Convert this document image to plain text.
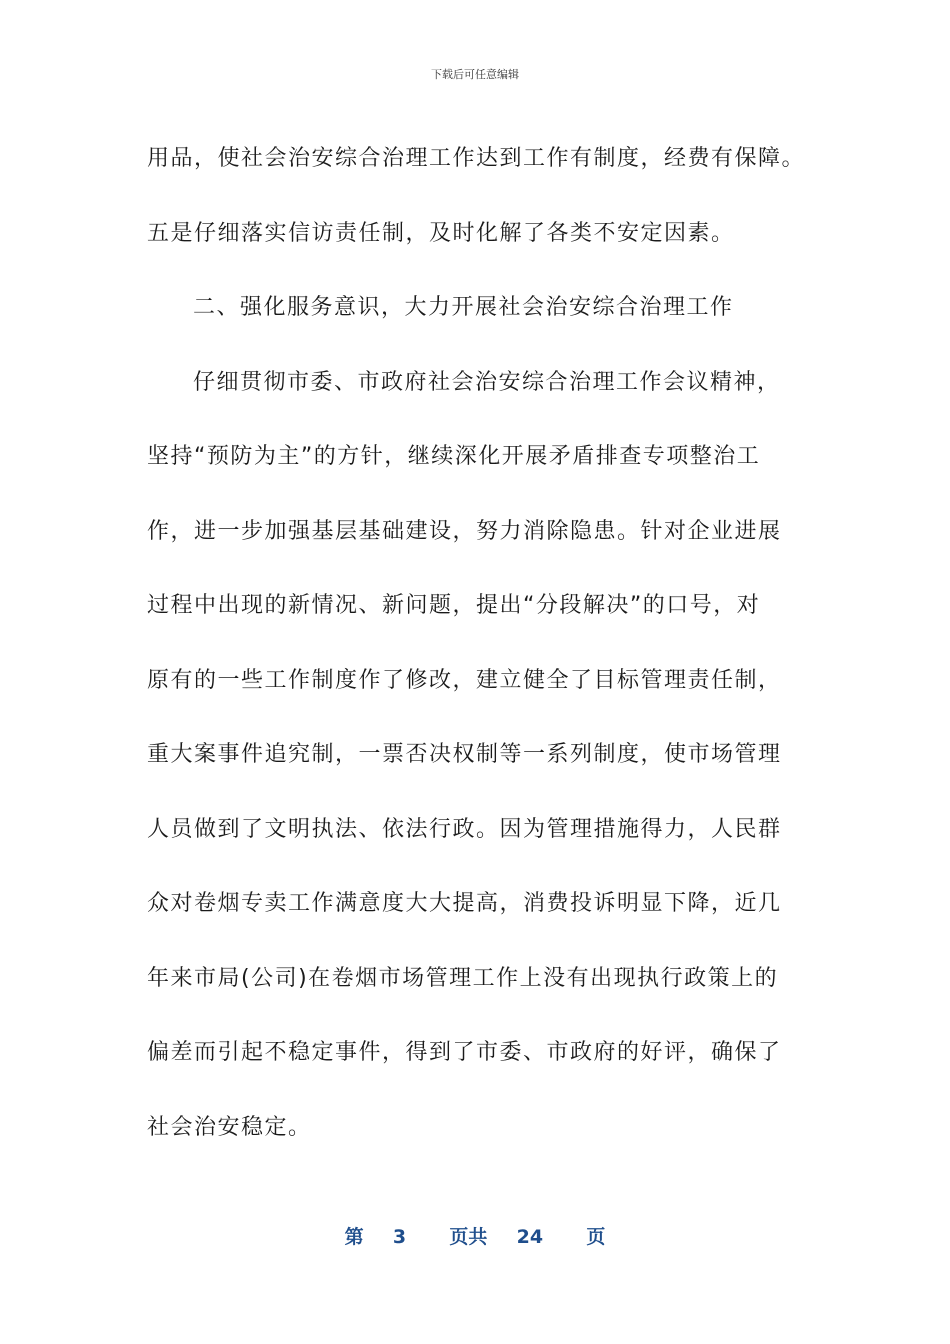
下载后可任意编辑
用品，使社会治安综合治理工作达到工作有制度，经费有保障。
五是仔细落实信访责任制，及时化解了各类不安定因素。
二、强化服务意识，大力开展社会治安综合治理工作
仔细贯彻市委、市政府社会治安综合治理工作会议精神，
坚持“预防为主”的方针，继续深化开展矛盾排查专项整治工
作，进一步加强基层基础建设，努力消除隐患。针对企业进展
过程中出现的新情况、新问题，提出“分段解决”的口号，对
原有的一些工作制度作了修改，建立健全了目标管理责任制，
重大案事件追究制，一票否决权制等一系列制度，使市场管理
人员做到了文明执法、依法行政。因为管理措施得力，人民群
众对卷烟专卖工作满意度大大提高，消费投诉明显下降，近几
年来市局(公司)在卷烟市场管理工作上没有出现执行政策上的
偏差而引起不稳定事件，得到了市委、市政府的好评，确保了
社会治安稳定。
第 3 页共 24 页
